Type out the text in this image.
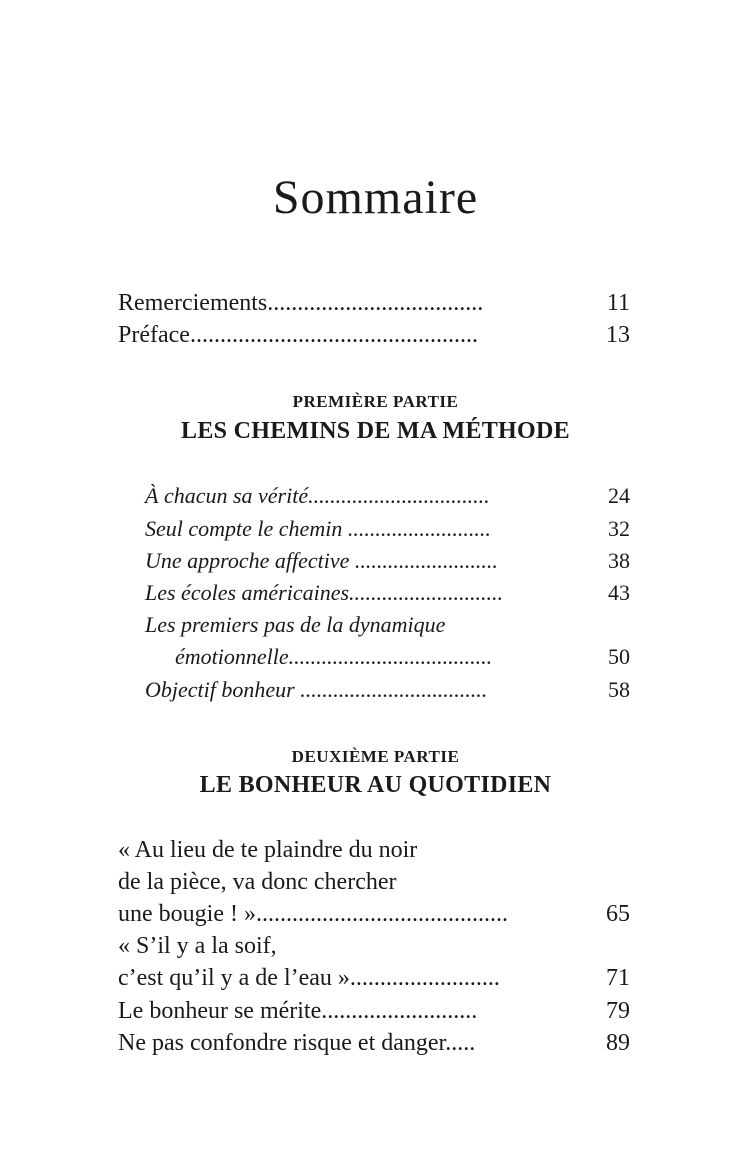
Sommaire
Remerciements....................................	11
Préface................................................	13
PREMIÈRE PARTIE
LES CHEMINS DE MA MÉTHODE
À chacun sa vérité.................................	24
Seul compte le chemin ..........................	32
Une approche affective ..........................	38
Les écoles américaines............................	43
Les premiers pas de la dynamique
émotionnelle.....................................	50
Objectif bonheur ..................................	58
DEUXIÈME PARTIE
LE BONHEUR AU QUOTIDIEN
« Au lieu de te plaindre du noir
de la pièce, va donc chercher
une bougie ! »..........................................	65
« S’il y a la soif,
c’est qu’il y a de l’eau ».........................	71
Le bonheur se mérite..........................	79
Ne pas confondre risque et danger.....	89
